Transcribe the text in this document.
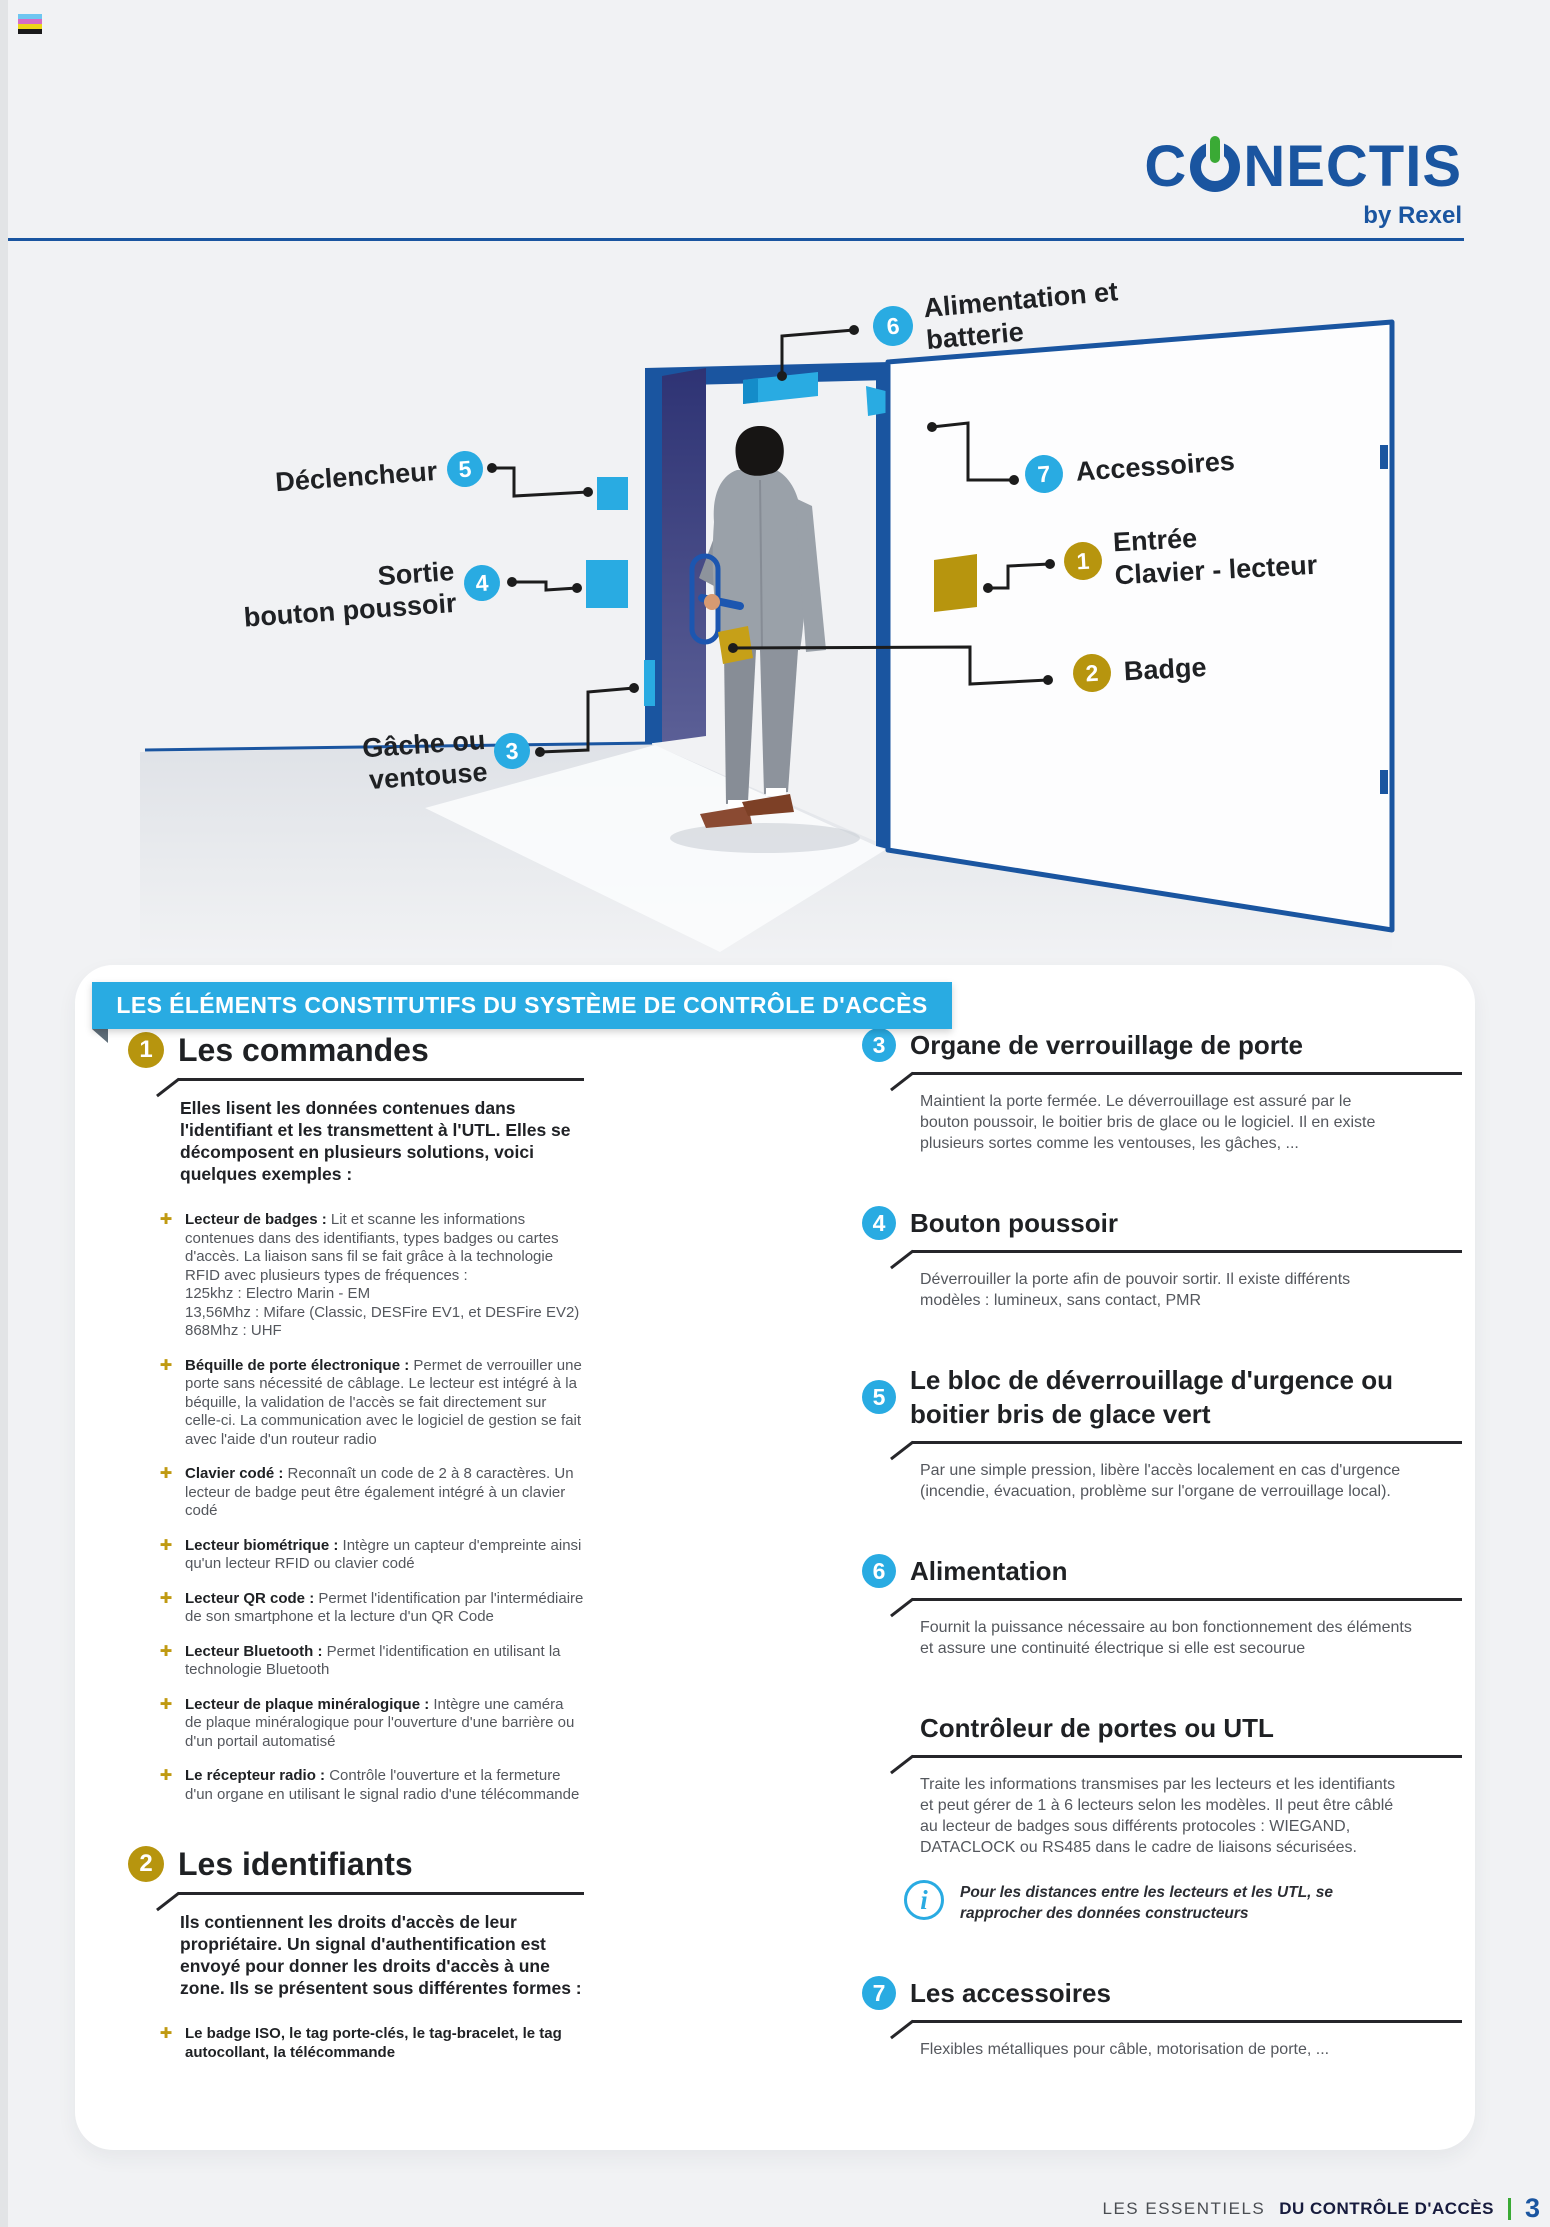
C NECTIS
by Rexel
6
Alimentation et
batterie
7 Accessoires
5
Déclencheur
Sortie
bouton poussoir
4
Gâche ou
ventouse
3
1
Entrée
Clavier - lecteur
2 Badge
LES ÉLÉMENTS CONSTITUTIFS DU SYSTÈME DE CONTRÔLE D'ACCÈS
1 Les commandes

Elles lisent les données contenues dans l'identifiant et les transmettent à l'UTL. Elles se décomposent en plusieurs solutions, voici quelques exemples :

✚ Lecteur de badges : Lit et scanne les informations contenues dans des identifiants, types badges ou cartes d'accès. La liaison sans fil se fait grâce à la technologie RFID avec plusieurs types de fréquences :
125khz : Electro Marin - EM
13,56Mhz : Mifare (Classic, DESFire EV1, et DESFire EV2)
868Mhz : UHF

✚ Béquille de porte électronique : Permet de verrouiller une porte sans nécessité de câblage. Le lecteur est intégré à la béquille, la validation de l'accès se fait directement sur celle-ci. La communication avec le logiciel de gestion se fait avec l'aide d'un routeur radio

✚ Clavier codé : Reconnaît un code de 2 à 8 caractères. Un lecteur de badge peut être également intégré à un clavier codé

✚ Lecteur biométrique : Intègre un capteur d'empreinte ainsi qu'un lecteur RFID ou clavier codé

✚ Lecteur QR code : Permet l'identification par l'intermédiaire de son smartphone et la lecture d'un QR Code

✚ Lecteur Bluetooth : Permet l'identification en utilisant la technologie Bluetooth

✚ Lecteur de plaque minéralogique : Intègre une caméra de plaque minéralogique pour l'ouverture d'une barrière ou d'un portail automatisé

✚ Le récepteur radio : Contrôle l'ouverture et la fermeture d'un organe en utilisant le signal radio d'une télécommande

2 Les identifiants

Ils contiennent les droits d'accès de leur propriétaire. Un signal d'authentification est envoyé pour donner les droits d'accès à une zone. Ils se présentent sous différentes formes :

✚ Le badge ISO, le tag porte-clés, le tag-bracelet, le tag autocollant, la télécommande

3 Organe de verrouillage de porte

Maintient la porte fermée. Le déverrouillage est assuré par le bouton poussoir, le boitier bris de glace ou le logiciel. Il en existe plusieurs sortes comme les ventouses, les gâches, ...

4 Bouton poussoir

Déverrouiller la porte afin de pouvoir sortir. Il existe différents modèles : lumineux, sans contact, PMR

5
Le bloc de déverrouillage d'urgence ou boitier bris de glace vert

Par une simple pression, libère l'accès localement en cas d'urgence (incendie, évacuation, problème sur l'organe de verrouillage local).

6 Alimentation

Fournit la puissance nécessaire au bon fonctionnement des éléments et assure une continuité électrique si elle est secourue

Contrôleur de portes ou UTL

Traite les informations transmises par les lecteurs et les identifiants et peut gérer de 1 à 6 lecteurs selon les modèles. Il peut être câblé au lecteur de badges sous différents protocoles : WIEGAND, DATACLOCK ou RS485 dans le cadre de liaisons sécurisées.

i	Pour les distances entre les lecteurs et les UTL, se rapprocher des données constructeurs
7 Les accessoires

Flexibles métalliques pour câble, motorisation de porte, ...

LES ESSENTIELS DU CONTRÔLE D'ACCÈS 3
